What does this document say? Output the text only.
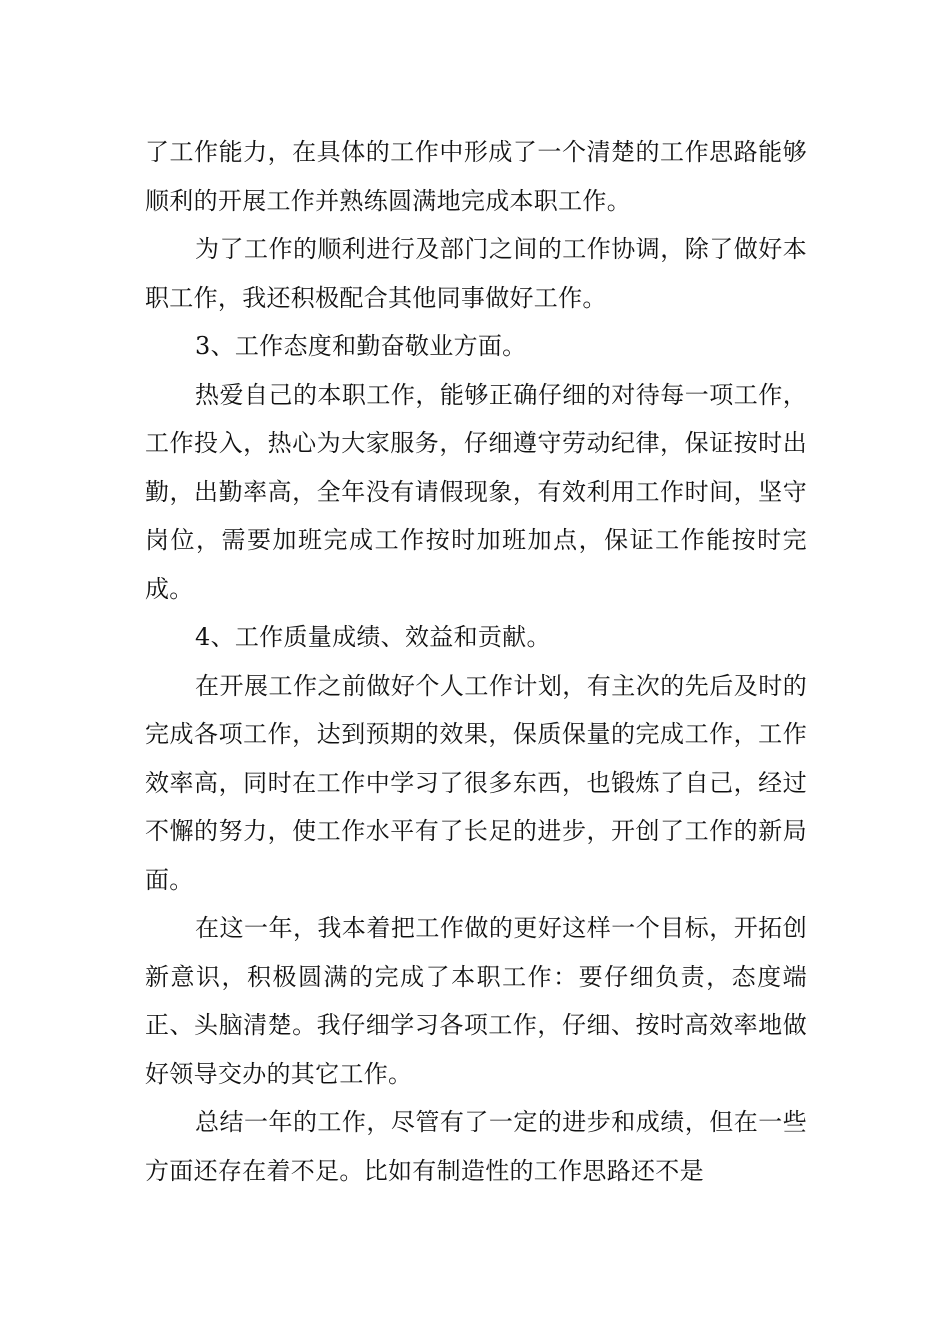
了工作能力，在具体的工作中形成了一个清楚的工作思路能够顺利的开展工作并熟练圆满地完成本职工作。

为了工作的顺利进行及部门之间的工作协调，除了做好本职工作，我还积极配合其他同事做好工作。

3、工作态度和勤奋敬业方面。

热爱自己的本职工作，能够正确仔细的对待每一项工作，工作投入，热心为大家服务，仔细遵守劳动纪律，保证按时出勤，出勤率高，全年没有请假现象，有效利用工作时间，坚守岗位，需要加班完成工作按时加班加点，保证工作能按时完成。

4、工作质量成绩、效益和贡献。

在开展工作之前做好个人工作计划，有主次的先后及时的完成各项工作，达到预期的效果，保质保量的完成工作，工作效率高，同时在工作中学习了很多东西，也锻炼了自己，经过不懈的努力，使工作水平有了长足的进步，开创了工作的新局面。

在这一年，我本着把工作做的更好这样一个目标，开拓创新意识，积极圆满的完成了本职工作：要仔细负责，态度端正、头脑清楚。我仔细学习各项工作，仔细、按时高效率地做好领导交办的其它工作。

总结一年的工作，尽管有了一定的进步和成绩，但在一些方面还存在着不足。比如有制造性的工作思路还不是
